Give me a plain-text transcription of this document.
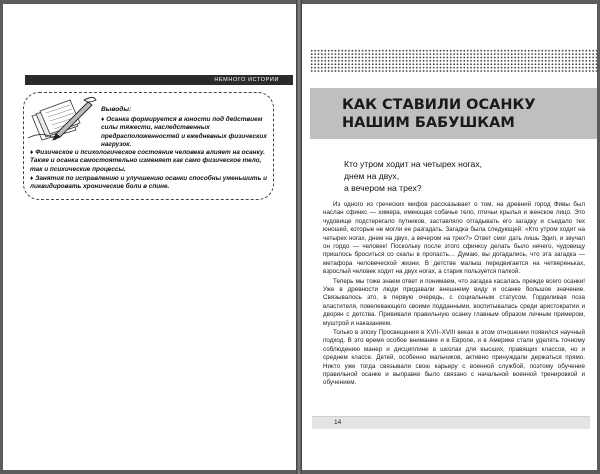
НЕМНОГО ИСТОРИИ
Выводы:
♦ Осанка формируется в юности под действием силы тяжести, наследственных предрасположенностей и ежедневных физических нагрузок.
♦ Физическое и психологическое состояние человека влияет на осанку. Также и осанка самостоятельно изменяет как само физическое тело, так и психические процессы.
♦ Занятия по исправлению и улучшению осанки способны уменьшить и ликвидировать хронические боли в спине.
КАК СТАВИЛИ ОСАНКУ
НАШИМ БАБУШКАМ
Кто утром ходит на четырех ногах,
днем на двух,
а вечером на трех?

Из одного из греческих мифов рассказывает о том, на древний город Фивы был наслан сфинкс — химера, имеющая собачье тело, птичьи крылья и женское лицо. Это чудовище подстерегало путников, заставляло отгадывать его загадку и съедало тех юношей, которые не могли ее разгадать. Загадка была следующей: «Кто утром ходит на четырех ногах, днем на двух, а вечером на трех?» Ответ смог дать лишь Эдип, и звучал он гордо — человек! Поскольку после этого сфинксу делать было нечего, чудовищу пришлось броситься со скалы в пропасть… Думаю, вы догадались, что эта загадка — метафора человеческой жизни. В детстве малыш передвигается на четвереньках, взрослый человек ходит на двух ногах, а старик пользуется палкой.

Теперь мы тоже знаем ответ и понимаем, что загадка касалась прежде всего осанки! Уже в древности люди придавали внешнему виду и осанке большое значение. Связывалось это, в первую очередь, с социальным статусом. Горделивая поза властителя, повелевающего своими подданными, воспитывалась среди аристократии и дворян с детства. Прививали правильную осанку главным образом личным примером, муштрой и наказанием.

Только в эпоху Просвещения в XVII–XVIII веках в этом отношении появился научный подход. В это время особое внимание и в Европе, и в Америке стали уделять точному соблюдению манер и дисциплине в школах для высших, правящих классов, но и среднем классе. Детей, особенно мальчиков, активно принуждали держаться прямо. Никто уже тогда связывали свою карьеру с военной службой, поэтому обучение правильной осанке и выправке было связано с начальной военной тренировкой и обучением.

14
